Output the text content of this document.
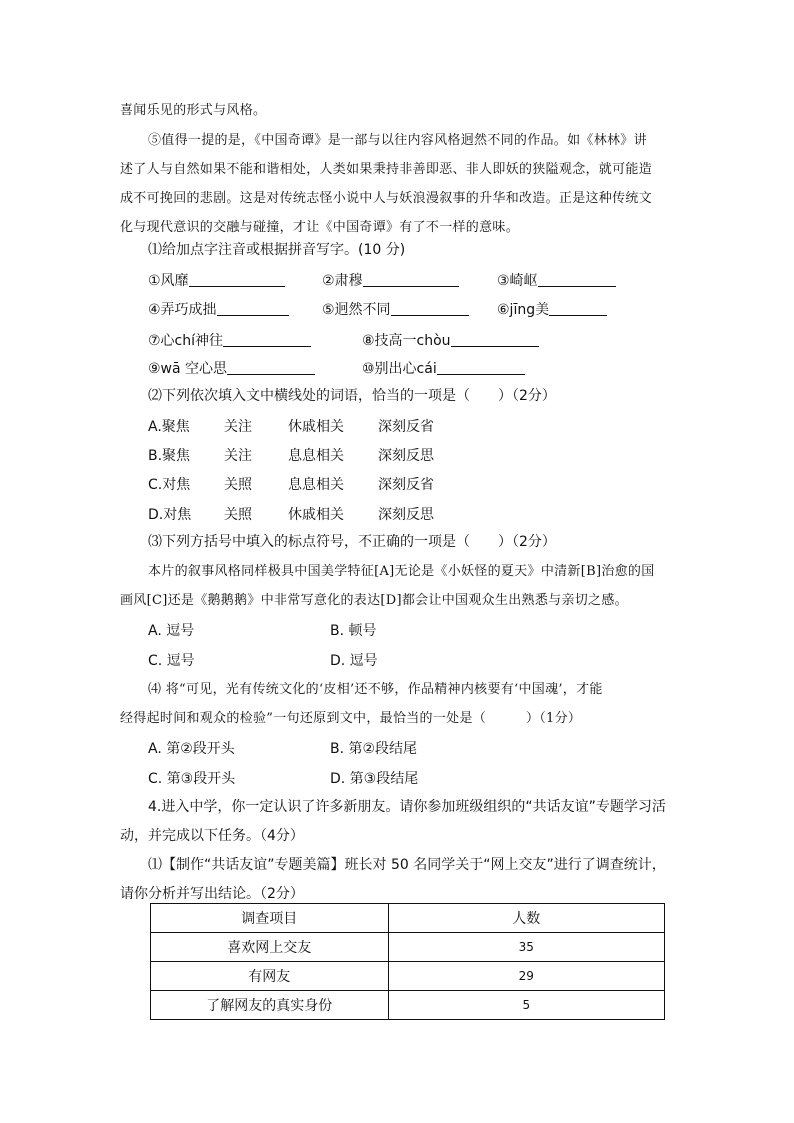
喜闻乐见的形式与风格。
⑤值得一提的是，《中国奇谭》是一部与以往内容风格迥然不同的作品。如《林林》讲
述了人与自然如果不能和谐相处，人类如果秉持非善即恶、非人即妖的狭隘观念，就可能造
成不可挽回的悲剧。这是对传统志怪小说中人与妖浪漫叙事的升华和改造。正是这种传统文
化与现代意识的交融与碰撞，才让《中国奇谭》有了不一样的意味。
⑴给加点字注音或根据拼音写字。(10 分)
①风靡	②肃穆	③崎岖
④弄巧成拙	⑤迥然不同	⑥jīng美
⑦心chí神往	⑧技高一chòu
⑨wā 空心思	⑩别出心cái
⑵下列依次填入文中横线处的词语，恰当的一项是（　　）（2分）
A.聚焦 关注	休戚相关 深刻反省
B.聚焦 关注	息息相关 深刻反思
C.对焦 关照	息息相关 深刻反省
D.对焦 关照	休戚相关 深刻反思
⑶下列方括号中填入的标点符号，不正确的一项是（　　）（2分）
本片的叙事风格同样极具中国美学特征[A]无论是《小妖怪的夏天》中清新[B]治愈的国
画风[C]还是《鹅鹅鹅》中非常写意化的表达[D]都会让中国观众生出熟悉与亲切之感。
A. 逗号	B. 顿号
C. 逗号	D. 逗号
⑷ 将“可见，光有传统文化的‘皮相’还不够，作品精神内核要有‘中国魂’，才能
经得起时间和观众的检验”一句还原到文中，最恰当的一处是（　　　）（1分）
A. 第②段开头	B. 第②段结尾
C. 第③段开头	D. 第③段结尾
4.进入中学，你一定认识了许多新朋友。请你参加班级组织的“共话友谊”专题学习活
动，并完成以下任务。（4分）
⑴【制作“共话友谊”专题美篇】班长对 50 名同学关于“网上交友”进行了调查统计，
请你分析并写出结论。（2分）
调查项目	人数
喜欢网上交友	35
有网友	29
了解网友的真实身份	5
